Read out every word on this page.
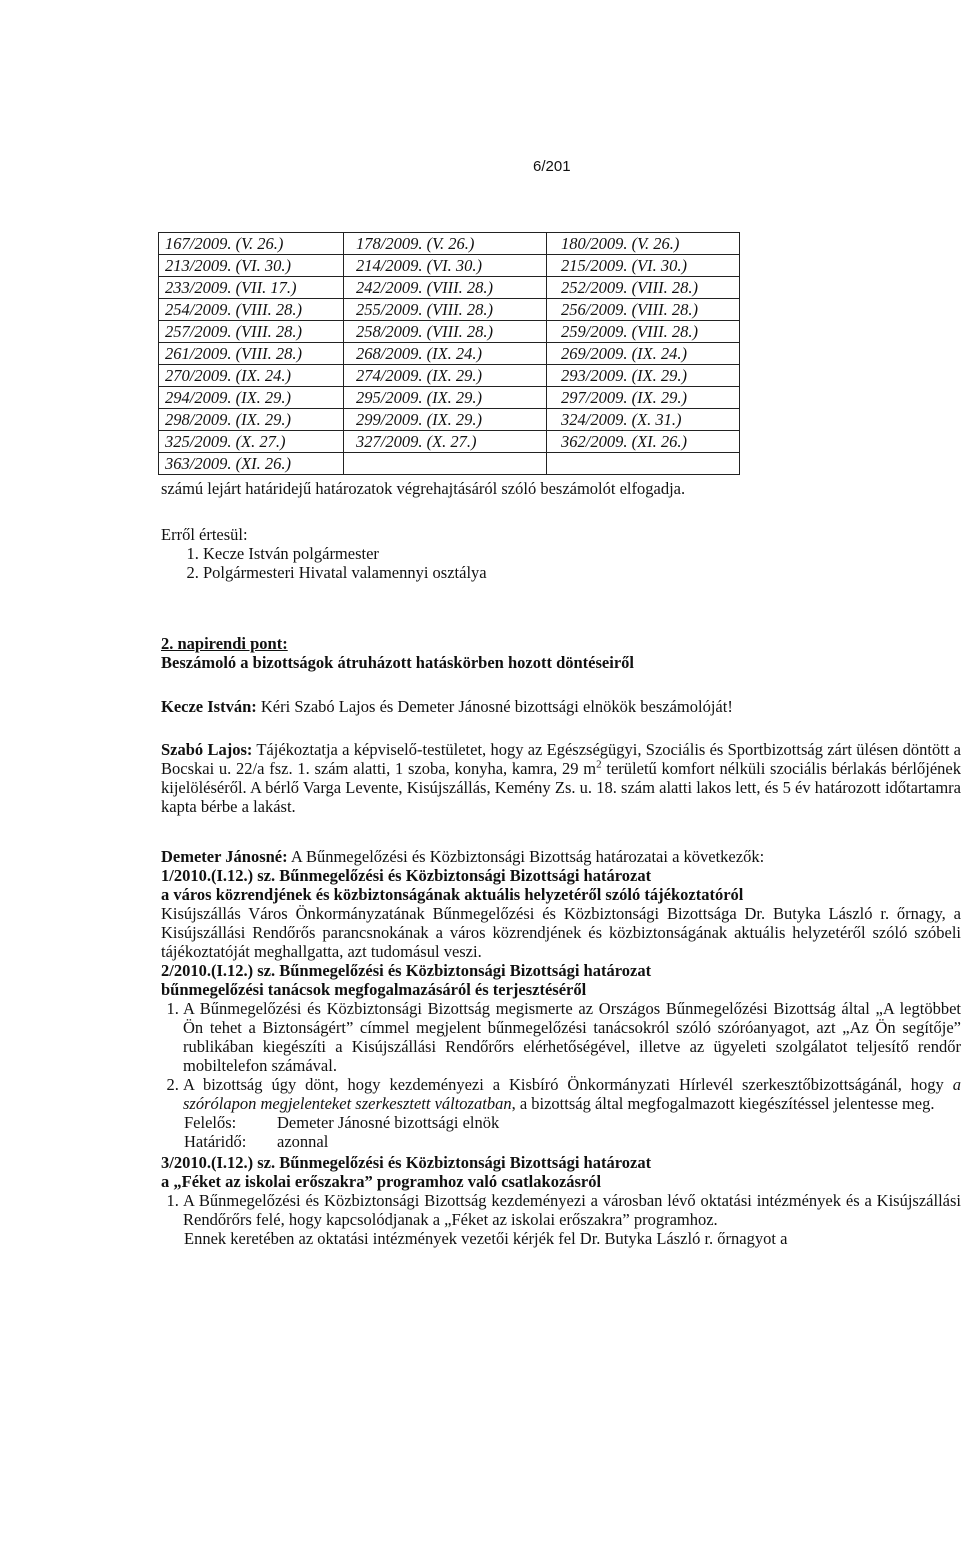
6/201
167/2009. (V. 26.)	178/2009. (V. 26.)	180/2009. (V. 26.)
213/2009. (VI. 30.)	214/2009. (VI. 30.)	215/2009. (VI. 30.)
233/2009. (VII. 17.)	242/2009. (VIII. 28.)	252/2009. (VIII. 28.)
254/2009. (VIII. 28.)	255/2009. (VIII. 28.)	256/2009. (VIII. 28.)
257/2009. (VIII. 28.)	258/2009. (VIII. 28.)	259/2009. (VIII. 28.)
261/2009. (VIII. 28.)	268/2009. (IX. 24.)	269/2009. (IX. 24.)
270/2009. (IX. 24.)	274/2009. (IX. 29.)	293/2009. (IX. 29.)
294/2009. (IX. 29.)	295/2009. (IX. 29.)	297/2009. (IX. 29.)
298/2009. (IX. 29.)	299/2009. (IX. 29.)	324/2009. (X. 31.)
325/2009. (X. 27.)	327/2009. (X. 27.)	362/2009. (XI. 26.)
363/2009. (XI. 26.)		
számú lejárt határidejű határozatok végrehajtásáról szóló beszámolót elfogadja.
Erről értesül:
1. Kecze István polgármester
2. Polgármesteri Hivatal valamennyi osztálya
2. napirendi pont:
Beszámoló a bizottságok átruházott hatáskörben hozott döntéseiről
Kecze István: Kéri Szabó Lajos és Demeter Jánosné bizottsági elnökök beszámolóját!
Szabó Lajos: Tájékoztatja a képviselő-testületet, hogy az Egészségügyi, Szociális és Sportbizottság zárt ülésen döntött a Bocskai u. 22/a fsz. 1. szám alatti, 1 szoba, konyha, kamra, 29 $m^2$ területű komfort nélküli szociális bérlakás bérlőjének kijelöléséről. A bérlő Varga Levente, Kisújszállás, Kemény Zs. u. 18. szám alatti lakos lett, és 5 év határozott időtartamra kapta bérbe a lakást.
Demeter Jánosné: A Bűnmegelőzési és Közbiztonsági Bizottság határozatai a következők:
1/2010.(I.12.) sz. Bűnmegelőzési és Közbiztonsági Bizottsági határozat
a város közrendjének és közbiztonságának aktuális helyzetéről szóló tájékoztatóról
Kisújszállás Város Önkormányzatának Bűnmegelőzési és Közbiztonsági Bizottsága Dr. Butyka László r. őrnagy, a Kisújszállási Rendőrős parancsnokának a város közrendjének és közbiztonságának aktuális helyzetéről szóló szóbeli tájékoztatóját meghallgatta, azt tudomásul veszi.
2/2010.(I.12.) sz. Bűnmegelőzési és Közbiztonsági Bizottsági határozat
bűnmegelőzési tanácsok megfogalmazásáról és terjesztéséről
1. A Bűnmegelőzési és Közbiztonsági Bizottság megismerte az Országos Bűnmegelőzési Bizottság által „A legtöbbet Ön tehet a Biztonságért” címmel megjelent bűnmegelőzési tanácsokról szóló szóróanyagot, azt „Az Ön segítője” rublikában kiegészíti a Kisújszállási Rendőrőrs elérhetőségével, illetve az ügyeleti szolgálatot teljesítő rendőr mobiltelefon számával.
2. A bizottság úgy dönt, hogy kezdeményezi a Kisbíró Önkormányzati Hírlevél szerkesztőbizottságánál, hogy a szórólapon megjelenteket szerkesztett változatban, a bizottság által megfogalmazott kiegészítéssel jelentesse meg.
Felelős:	Demeter Jánosné bizottsági elnök
Határidő:	azonnal
3/2010.(I.12.) sz. Bűnmegelőzési és Közbiztonsági Bizottsági határozat
a „Féket az iskolai erőszakra” programhoz való csatlakozásról
1. A Bűnmegelőzési és Közbiztonsági Bizottság kezdeményezi a városban lévő oktatási intézmények és a Kisújszállási Rendőrőrs felé, hogy kapcsolódjanak a „Féket az iskolai erőszakra” programhoz.
Ennek keretében az oktatási intézmények vezetői kérjék fel Dr. Butyka László r. őrnagyot a
